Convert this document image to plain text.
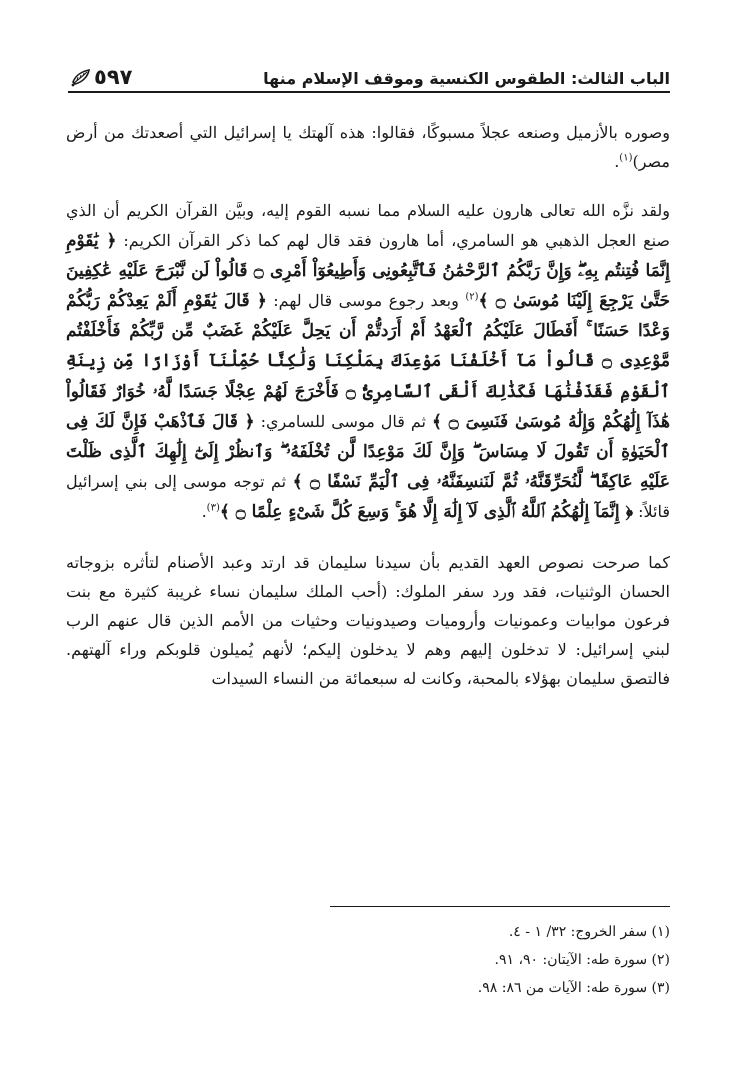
الباب الثالث: الطقوس الكنسية وموقف الإسلام منها
٥٩٧

وصوره بالأزميل وصنعه عجلاً مسبوكًا، فقالوا: هذه آلهتك يا إسرائيل التي أصعدتك من أرض مصر)$^{(١)}$.

ولقد نزَّه الله تعالى هارون عليه السلام مما نسبه القوم إليه، وبيَّن القرآن الكريم أن الذي صنع العجل الذهبي هو السامري، أما هارون فقد قال لهم كما ذكر القرآن الكريم: ﴿ يَٰقَوْمِ إِنَّمَا فُتِنتُم بِهِۦۖ وَإِنَّ رَبَّكُمُ ٱلرَّحْمَٰنُ فَٱتَّبِعُونِى وَأَطِيعُوٓاْ أَمْرِى ۝ قَالُواْ لَن نَّبْرَحَ عَلَيْهِ عَٰكِفِينَ حَتَّىٰ يَرْجِعَ إِلَيْنَا مُوسَىٰ ۝ ﴾$^{(٢)}$ وبعد رجوع موسى قال لهم: ﴿ قَالَ يَٰقَوْمِ أَلَمْ يَعِدْكُمْ رَبُّكُمْ وَعْدًا حَسَنًا ۚ أَفَطَالَ عَلَيْكُمُ ٱلْعَهْدُ أَمْ أَرَدتُّمْ أَن يَحِلَّ عَلَيْكُمْ غَضَبٌ مِّن رَّبِّكُمْ فَأَخْلَفْتُم مَّوْعِدِى ۝ قَالُواْ مَآ أَخْلَفْنَا مَوْعِدَكَ بِمَلْكِنَا وَلَٰكِنَّا حُمِّلْنَآ أَوْزَارًا مِّن زِينَةِ ٱلْقَوْمِ فَقَذَفْنَٰهَا فَكَذَٰلِكَ أَلْقَى ٱلسَّامِرِىُّ ۝ فَأَخْرَجَ لَهُمْ عِجْلًا جَسَدًا لَّهُۥ خُوَارٌ فَقَالُواْ هَٰذَآ إِلَٰهُكُمْ وَإِلَٰهُ مُوسَىٰ فَنَسِىَ ۝ ﴾ ثم قال موسى للسامري: ﴿ قَالَ فَٱذْهَبْ فَإِنَّ لَكَ فِى ٱلْحَيَوٰةِ أَن تَقُولَ لَا مِسَاسَ ۖ وَإِنَّ لَكَ مَوْعِدًا لَّن تُخْلَفَهُۥ ۖ وَٱنظُرْ إِلَىٰٓ إِلَٰهِكَ ٱلَّذِى ظَلْتَ عَلَيْهِ عَاكِفًا ۖ لَّنُحَرِّقَنَّهُۥ ثُمَّ لَنَنسِفَنَّهُۥ فِى ٱلْيَمِّ نَسْفًا ۝ ﴾ ثم توجه موسى إلى بني إسرائيل قائلاً: ﴿ إِنَّمَآ إِلَٰهُكُمُ ٱللَّهُ ٱلَّذِى لَآ إِلَٰهَ إِلَّا هُوَ ۚ وَسِعَ كُلَّ شَىْءٍ عِلْمًا ۝ ﴾$^{(٣)}$.

كما صرحت نصوص العهد القديم بأن سيدنا سليمان قد ارتد وعبد الأصنام لتأثره بزوجاته الحسان الوثنيات، فقد ورد سفر الملوك: (أحب الملك سليمان نساء غريبة كثيرة مع بنت فرعون موابيات وعمونيات وأروميات وصيدونيات وحثيات من الأمم الذين قال عنهم الرب لبني إسرائيل: لا تدخلون إليهم وهم لا يدخلون إليكم؛ لأنهم يُميلون قلوبكم وراء آلهتهم. فالتصق سليمان بهؤلاء بالمحبة، وكانت له سبعمائة من النساء السيدات

(١) سفر الخروج: ٣٢/ ١ - ٤.

(٢) سورة طه: الآيتان: ٩٠، ٩١.

(٣) سورة طه: الآيات من ٨٦: ٩٨.
